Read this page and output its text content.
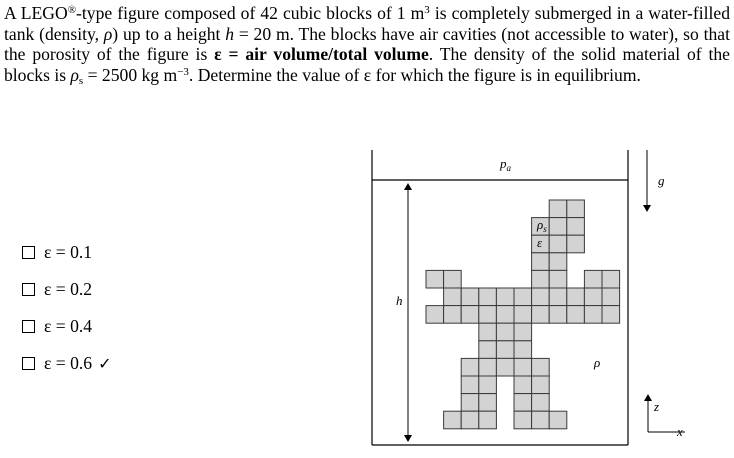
A LEGO®-type figure composed of 42 cubic blocks of 1 $m^3$ is completely submerged in a water-filled tank (density, ρ) up to a height h = 20 m. The blocks have air cavities (not accessible to water), so that the porosity of the figure is ε = air volume/total volume. The density of the solid material of the blocks is $\rho_s = 2500$ kg $m^{-3}$. Determine the value of ε for which the figure is in equilibrium.

ε = 0.1
ε = 0.2
ε = 0.4
ε = 0.6 ✓
h
$p_a$
g
$\rho_s$
ε
ρ
z
x
